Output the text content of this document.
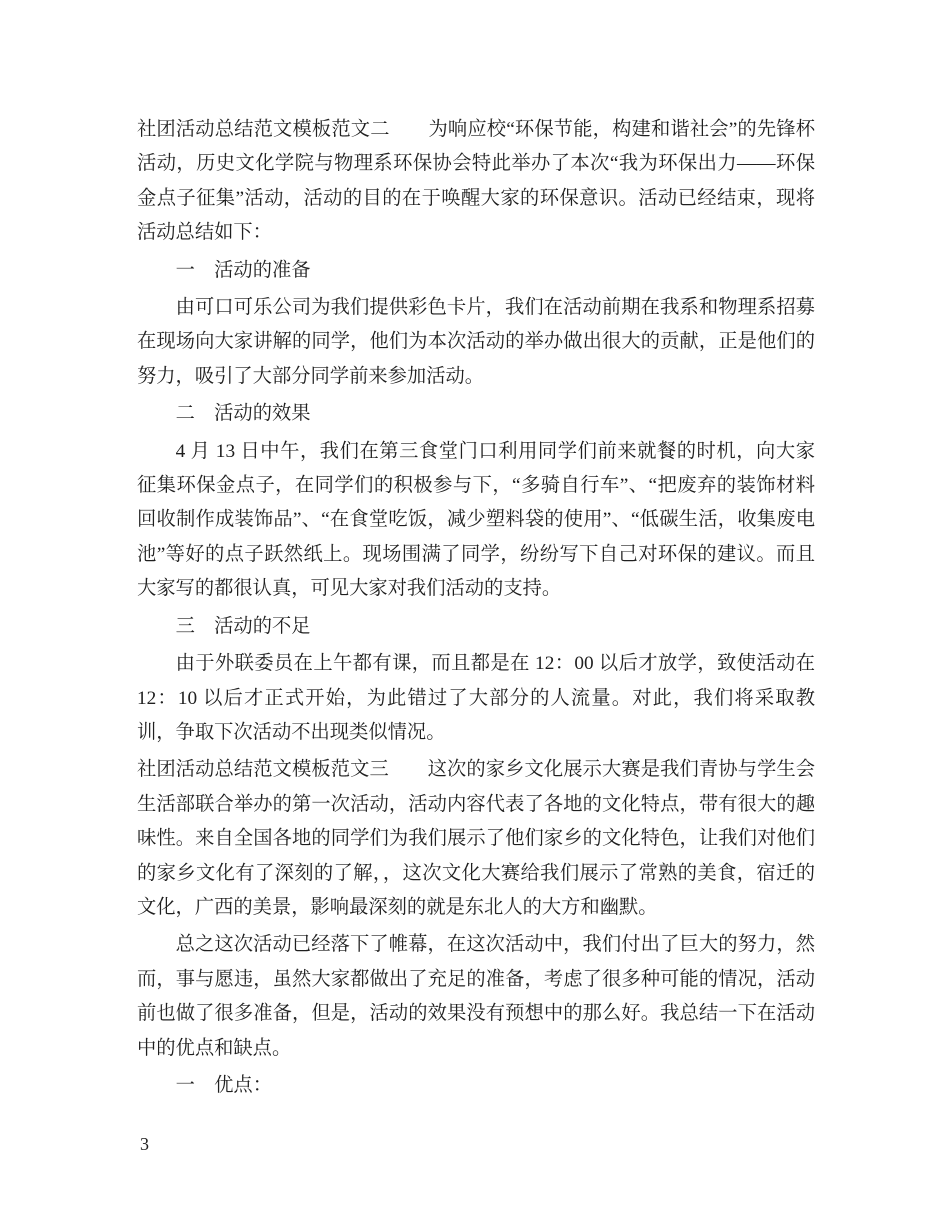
社团活动总结范文模板范文二　　为响应校“环保节能，构建和谐社会”的先锋杯活动，历史文化学院与物理系环保协会特此举办了本次“我为环保出力——环保金点子征集”活动，活动的目的在于唤醒大家的环保意识。活动已经结束，现将活动总结如下：

一　活动的准备

由可口可乐公司为我们提供彩色卡片，我们在活动前期在我系和物理系招募在现场向大家讲解的同学，他们为本次活动的举办做出很大的贡献，正是他们的努力，吸引了大部分同学前来参加活动。

二　活动的效果

4 月 13 日中午，我们在第三食堂门口利用同学们前来就餐的时机，向大家征集环保金点子，在同学们的积极参与下，“多骑自行车”、“把废弃的装饰材料回收制作成装饰品”、“在食堂吃饭，减少塑料袋的使用”、“低碳生活，收集废电池”等好的点子跃然纸上。现场围满了同学，纷纷写下自己对环保的建议。而且大家写的都很认真，可见大家对我们活动的支持。

三　活动的不足

由于外联委员在上午都有课，而且都是在 12：00 以后才放学，致使活动在 12：10 以后才正式开始，为此错过了大部分的人流量。对此，我们将采取教训，争取下次活动不出现类似情况。

社团活动总结范文模板范文三　　这次的家乡文化展示大赛是我们青协与学生会生活部联合举办的第一次活动，活动内容代表了各地的文化特点，带有很大的趣味性。来自全国各地的同学们为我们展示了他们家乡的文化特色，让我们对他们的家乡文化有了深刻的了解，，这次文化大赛给我们展示了常熟的美食，宿迁的文化，广西的美景，影响最深刻的就是东北人的大方和幽默。

总之这次活动已经落下了帷幕，在这次活动中，我们付出了巨大的努力，然而，事与愿违，虽然大家都做出了充足的准备，考虑了很多种可能的情况，活动前也做了很多准备，但是，活动的效果没有预想中的那么好。我总结一下在活动中的优点和缺点。

一　优点：

3
